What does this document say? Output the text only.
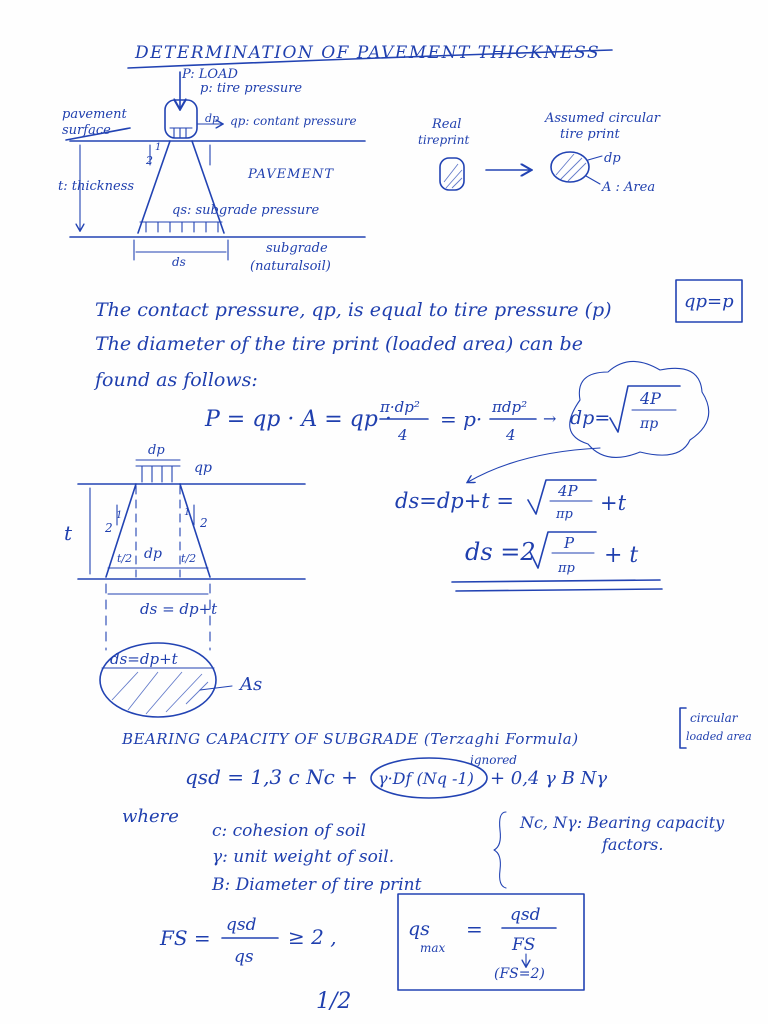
DETERMINATION OF PAVEMENT THICKNESS
P: LOAD
p: tire pressure
dp qp: contant pressure
pavement
surface
t: thickness
2
1
PAVEMENT
qs: subgrade pressure
subgrade
(naturalsoil)
ds
Real
tireprint
Assumed circular
tire print
dp
A : Area
The contact pressure, qp, is equal to tire pressure (p)	qp=p
The diameter of the tire print (loaded area) can be
found as follows:
P = qp · A = qp ·
π·dp²
4
= p· πdp²
4
→ dp=
4P
πp
dp
qp
t	2	2
1	1
t/2 dp t/2
ds = dp+t
ds=dp+t
As
ds=dp+t =	4P
πp +t
ds =2 P
πp
+ t
BEARING CAPACITY OF SUBGRADE (Terzaghi Formula)
circular
loaded area
ignored
qsd = 1,3 c Nc + γ·Df (Nq -1) + 0,4 γ B Nγ
where
c: cohesion of soil
γ: unit weight of soil.
B: Diameter of tire print
Nc, Nγ: Bearing capacity
factors.
FS =
qsd
qs
≥ 2 ,	qs
max
=
qsd
FS
(FS=2)
1/2
